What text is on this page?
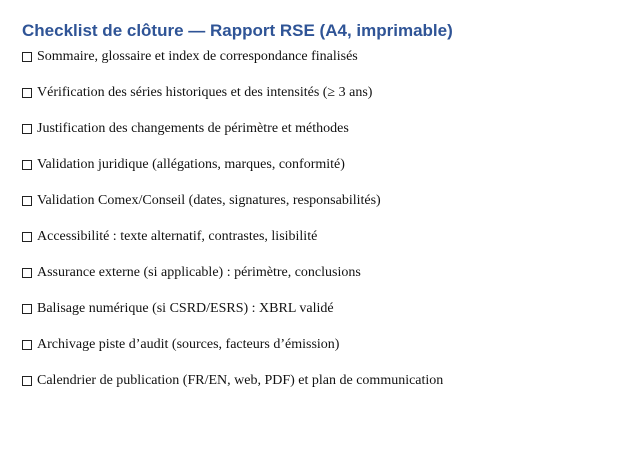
Checklist de clôture — Rapport RSE (A4, imprimable)
Sommaire, glossaire et index de correspondance finalisés
Vérification des séries historiques et des intensités (≥ 3 ans)
Justification des changements de périmètre et méthodes
Validation juridique (allégations, marques, conformité)
Validation Comex/Conseil (dates, signatures, responsabilités)
Accessibilité : texte alternatif, contrastes, lisibilité
Assurance externe (si applicable) : périmètre, conclusions
Balisage numérique (si CSRD/ESRS) : XBRL validé
Archivage piste d’audit (sources, facteurs d’émission)
Calendrier de publication (FR/EN, web, PDF) et plan de communication
